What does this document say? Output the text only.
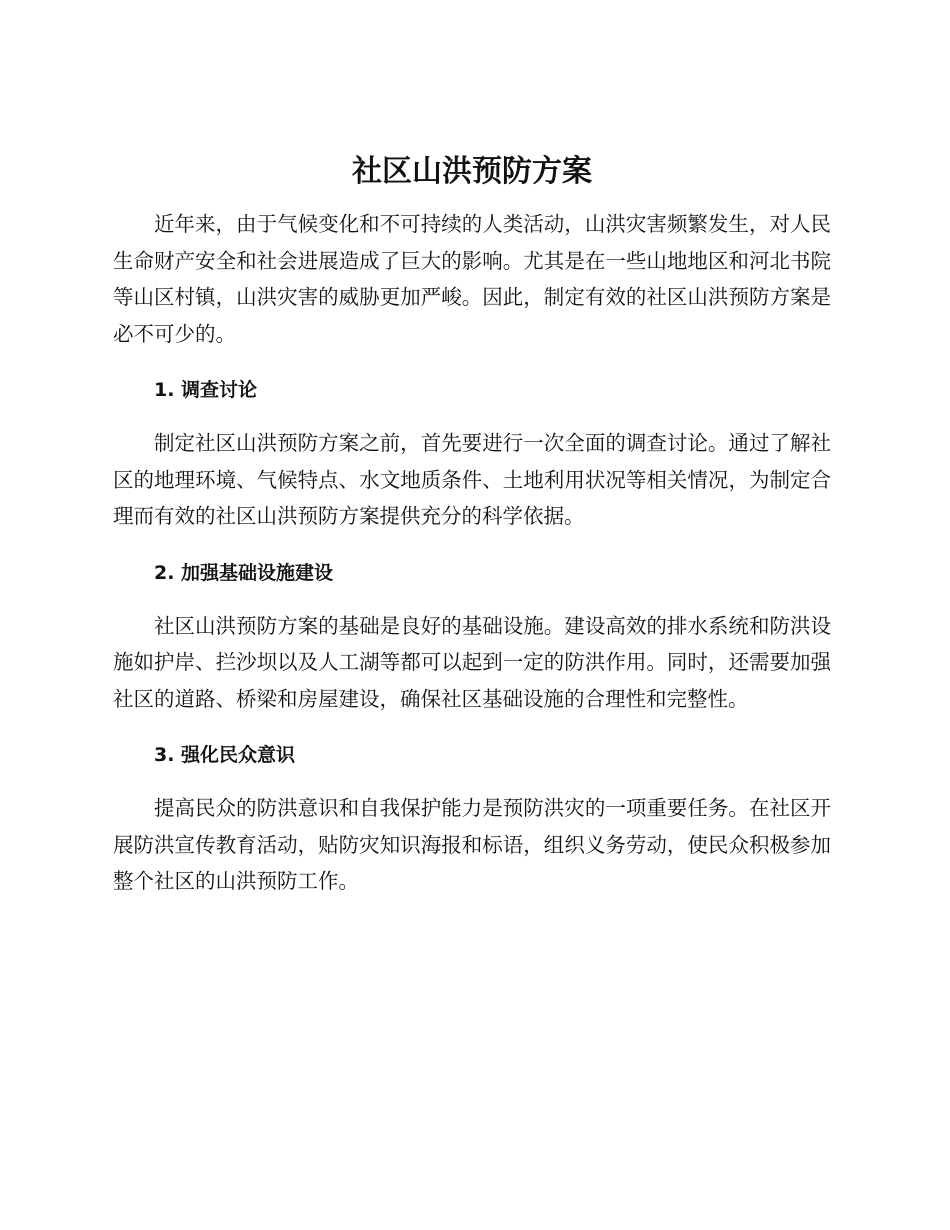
社区山洪预防方案

近年来，由于气候变化和不可持续的人类活动，山洪灾害频繁发生，对人民生命财产安全和社会进展造成了巨大的影响。尤其是在一些山地地区和河北书院等山区村镇，山洪灾害的威胁更加严峻。因此，制定有效的社区山洪预防方案是必不可少的。

1. 调查讨论

制定社区山洪预防方案之前，首先要进行一次全面的调查讨论。通过了解社区的地理环境、气候特点、水文地质条件、土地利用状况等相关情况，为制定合理而有效的社区山洪预防方案提供充分的科学依据。

2. 加强基础设施建设

社区山洪预防方案的基础是良好的基础设施。建设高效的排水系统和防洪设施如护岸、拦沙坝以及人工湖等都可以起到一定的防洪作用。同时，还需要加强社区的道路、桥梁和房屋建设，确保社区基础设施的合理性和完整性。

3. 强化民众意识

提高民众的防洪意识和自我保护能力是预防洪灾的一项重要任务。在社区开展防洪宣传教育活动，贴防灾知识海报和标语，组织义务劳动，使民众积极参加整个社区的山洪预防工作。
